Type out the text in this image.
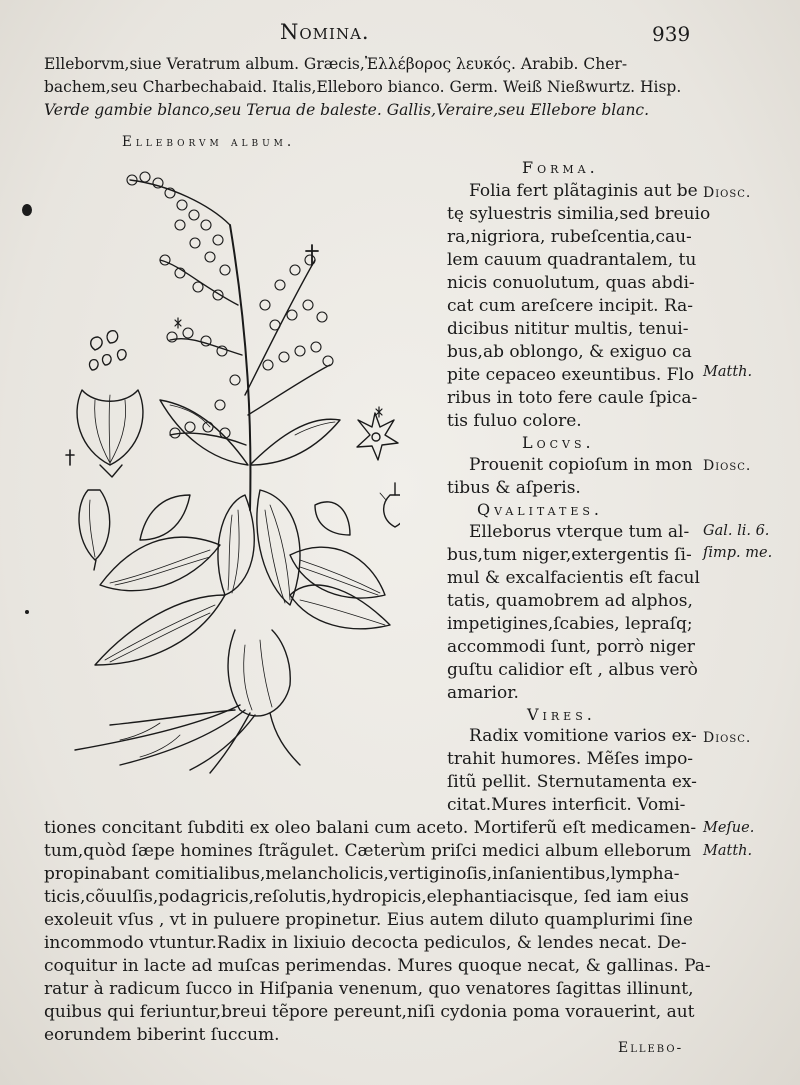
Nomina.	939
Elleborvm,siue Veratrum album. Græcis,Ἐλλέβορος λευκός. Arabib. Cher-
bachem,seu Charbechabaid. Italis,Elleboro bianco. Germ. Weiß Nießwurtz. Hisp.
Verde gambie blanco,seu Terua de baleste. Gallis,Veraire,seu Ellebore blanc.
Elleborvm album.
Forma.
Folia fert plãtaginis aut be
tę syluestris similia,sed breuio
ra,nigriora, rubeſcentia,cau-
lem cauum quadrantalem, tu
nicis conuolutum, quas abdi-
cat cum areſcere incipit. Ra-
dicibus nititur multis, tenui-
bus,ab oblongo, & exiguo ca
pite cepaceo exeuntibus. Flo
ribus in toto fere caule ſpica-
tis fuluo colore.
Locvs.
Prouenit copioſum in mon
tibus & aſperis.
Qvalitates.
Elleborus vterque tum al-
bus,tum niger,extergentis ſi-
mul & excalfacientis eſt facul
tatis, quamobrem ad alphos,
impetigines,ſcabies, lepraſq;
accommodi ſunt, porrò niger
guſtu calidior eſt , albus verò
amarior.
Vires.
Radix vomitione varios ex-
trahit humores. Mẽſes impo-
ſitũ pellit. Sternutamenta ex-
citat.Mures interficit. Vomi-
tiones concitant ſubditi ex oleo balani cum aceto. Mortiferũ eſt medicamen-
tum,quòd ſæpe homines ſtrãgulet. Cæterùm priſci medici album elleborum
propinabant comitialibus,melancholicis,vertiginoſis,inſanientibus,lympha-
ticis,cõuulſis,podagricis,reſolutis,hydropicis,elephantiacisque, ſed iam eius
exoleuit vſus , vt in puluere propinetur. Eius autem diluto quamplurimi ſine
incommodo vtuntur.Radix in lixiuio decocta pediculos, & lendes necat. De-
coquitur in lacte ad muſcas perimendas. Mures quoque necat, & gallinas. Pa-
ratur à radicum ſucco in Hiſpania venenum, quo venatores ſagittas illinunt,
quibus qui feriuntur,breui tẽpore pereunt,niſi cydonia poma vorauerint, aut
eorundem biberint ſuccum.
Diosc.
Matth.
Diosc.
Gal. li. 6.
ſimp. me.
Diosc.
Meſue.
Matth.
Ellebo-
